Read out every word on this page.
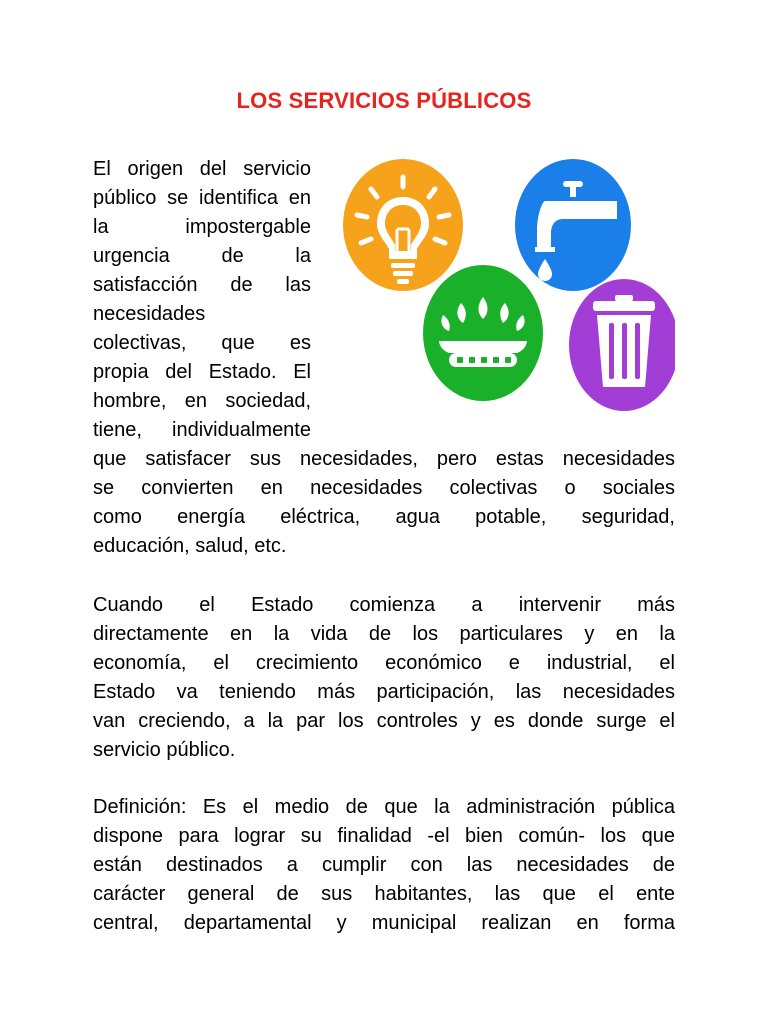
LOS SERVICIOS PÚBLICOS
El origen del servicio
público se identifica en
la impostergable
urgencia de la
satisfacción de las
necesidades
colectivas, que es
propia del Estado. El
hombre, en sociedad,
tiene, individualmente
que satisfacer sus necesidades, pero estas necesidades
se convierten en necesidades colectivas o sociales
como energía eléctrica, agua potable, seguridad,
educación, salud, etc.
Cuando el Estado comienza a intervenir más
directamente en la vida de los particulares y en la
economía, el crecimiento económico e industrial, el
Estado va teniendo más participación, las necesidades
van creciendo, a la par los controles y es donde surge el
servicio público.
Definición: Es el medio de que la administración pública
dispone para lograr su finalidad -el bien común- los que
están destinados a cumplir con las necesidades de
carácter general de sus habitantes, las que el ente
central, departamental y municipal realizan en forma
